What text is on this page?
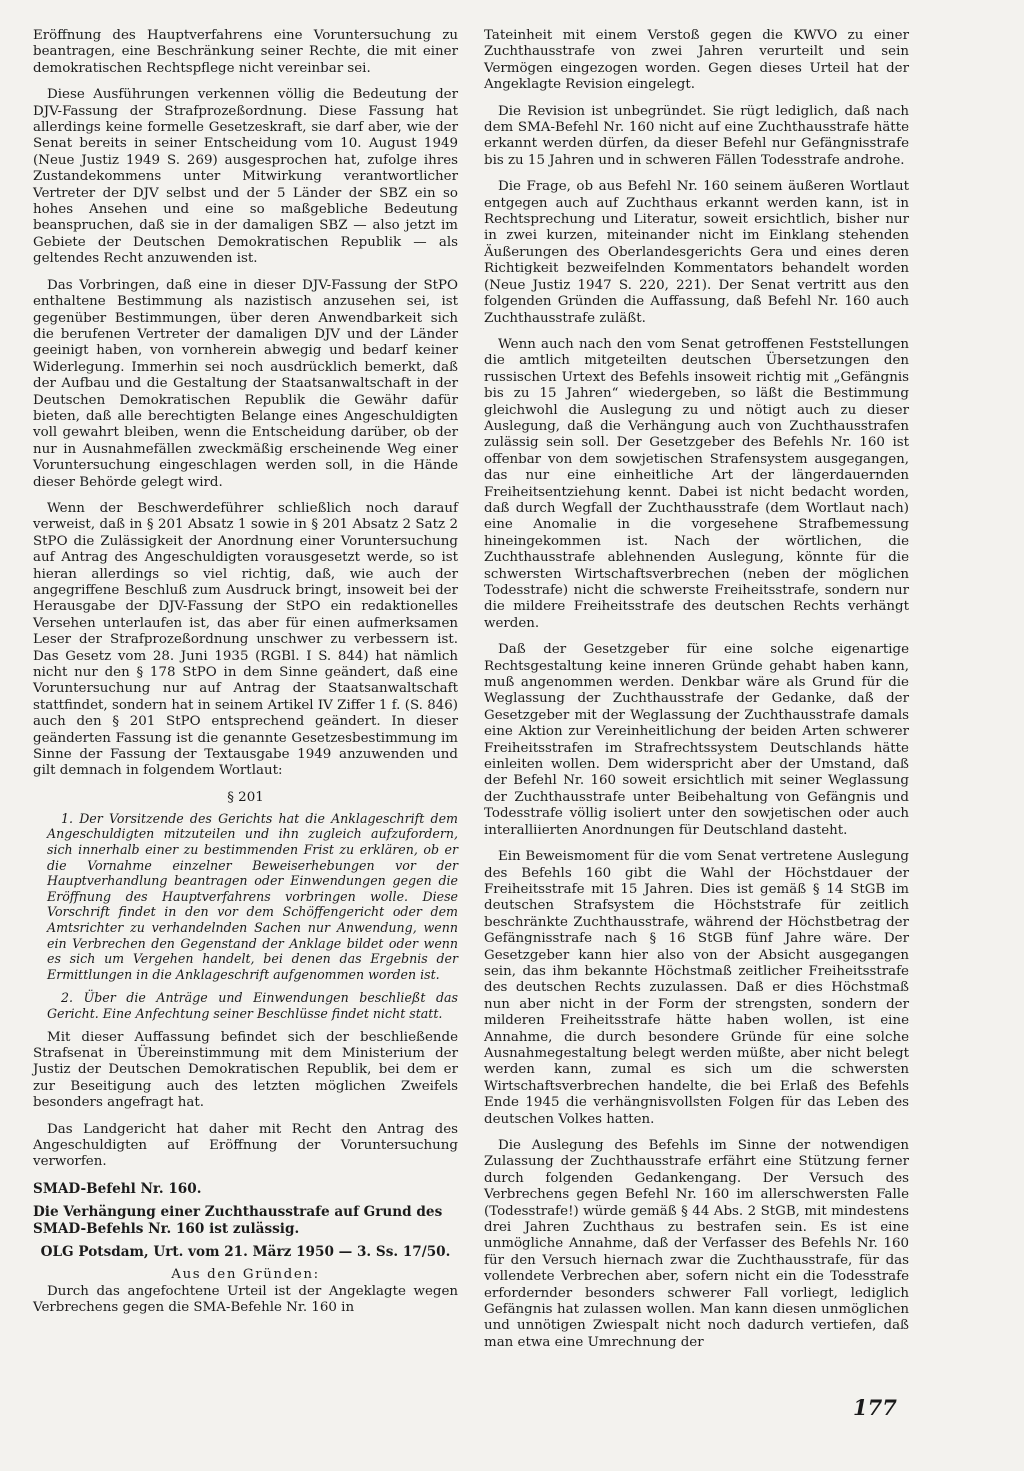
Eröffnung des Hauptverfahrens eine Voruntersuchung zu beantragen, eine Beschränkung seiner Rechte, die mit einer demokratischen Rechtspflege nicht vereinbar sei.

Diese Ausführungen verkennen völlig die Bedeutung der DJV-Fassung der Strafprozeßordnung. Diese Fassung hat allerdings keine formelle Gesetzeskraft, sie darf aber, wie der Senat bereits in seiner Entscheidung vom 10. August 1949 (Neue Justiz 1949 S. 269) ausgesprochen hat, zufolge ihres Zustandekommens unter Mitwirkung verantwortlicher Vertreter der DJV selbst und der 5 Länder der SBZ ein so hohes Ansehen und eine so maßgebliche Bedeutung beanspruchen, daß sie in der damaligen SBZ — also jetzt im Gebiete der Deutschen Demokratischen Republik — als geltendes Recht anzuwenden ist.

Das Vorbringen, daß eine in dieser DJV-Fassung der StPO enthaltene Bestimmung als nazistisch anzusehen sei, ist gegenüber Bestimmungen, über deren Anwendbarkeit sich die berufenen Vertreter der damaligen DJV und der Länder geeinigt haben, von vornherein abwegig und bedarf keiner Widerlegung. Immerhin sei noch ausdrücklich bemerkt, daß der Aufbau und die Gestaltung der Staatsanwaltschaft in der Deutschen Demokratischen Republik die Gewähr dafür bieten, daß alle berechtigten Belange eines Angeschuldigten voll gewahrt bleiben, wenn die Entscheidung darüber, ob der nur in Ausnahmefällen zweckmäßig erscheinende Weg einer Voruntersuchung eingeschlagen werden soll, in die Hände dieser Behörde gelegt wird.

Wenn der Beschwerdeführer schließlich noch darauf verweist, daß in § 201 Absatz 1 sowie in § 201 Absatz 2 Satz 2 StPO die Zulässigkeit der Anordnung einer Voruntersuchung auf Antrag des Angeschuldigten vorausgesetzt werde, so ist hieran allerdings so viel richtig, daß, wie auch der angegriffene Beschluß zum Ausdruck bringt, insoweit bei der Herausgabe der DJV-Fassung der StPO ein redaktionelles Versehen unterlaufen ist, das aber für einen aufmerksamen Leser der Strafprozeßordnung unschwer zu verbessern ist. Das Gesetz vom 28. Juni 1935 (RGBl. I S. 844) hat nämlich nicht nur den § 178 StPO in dem Sinne geändert, daß eine Voruntersuchung nur auf Antrag der Staatsanwaltschaft stattfindet, sondern hat in seinem Artikel IV Ziffer 1 f. (S. 846) auch den § 201 StPO entsprechend geändert. In dieser geänderten Fassung ist die genannte Gesetzesbestimmung im Sinne der Fassung der Textausgabe 1949 anzuwenden und gilt demnach in folgendem Wortlaut:

§ 201

1. Der Vorsitzende des Gerichts hat die Anklageschrift dem Angeschuldigten mitzuteilen und ihn zugleich aufzufordern, sich innerhalb einer zu bestimmenden Frist zu erklären, ob er die Vornahme einzelner Beweiserhebungen vor der Hauptverhandlung beantragen oder Einwendungen gegen die Eröffnung des Hauptverfahrens vorbringen wolle. Diese Vorschrift findet in den vor dem Schöffengericht oder dem Amtsrichter zu verhandelnden Sachen nur Anwendung, wenn ein Verbrechen den Gegenstand der Anklage bildet oder wenn es sich um Vergehen handelt, bei denen das Ergebnis der Ermittlungen in die Anklageschrift aufgenommen worden ist.

2. Über die Anträge und Einwendungen beschließt das Gericht. Eine Anfechtung seiner Beschlüsse findet nicht statt.

Mit dieser Auffassung befindet sich der beschließende Strafsenat in Übereinstimmung mit dem Ministerium der Justiz der Deutschen Demokratischen Republik, bei dem er zur Beseitigung auch des letzten möglichen Zweifels besonders angefragt hat.

Das Landgericht hat daher mit Recht den Antrag des Angeschuldigten auf Eröffnung der Voruntersuchung verworfen.

SMAD-Befehl Nr. 160.
Die Verhängung einer Zuchthausstrafe auf Grund des SMAD-Befehls Nr. 160 ist zulässig.
OLG Potsdam, Urt. vom 21. März 1950 — 3. Ss. 17/50.
Aus den Gründen:

Durch das angefochtene Urteil ist der Angeklagte wegen Verbrechens gegen die SMA-Befehle Nr. 160 in

Tateinheit mit einem Verstoß gegen die KWVO zu einer Zuchthausstrafe von zwei Jahren verurteilt und sein Vermögen eingezogen worden. Gegen dieses Urteil hat der Angeklagte Revision eingelegt.

Die Revision ist unbegründet. Sie rügt lediglich, daß nach dem SMA-Befehl Nr. 160 nicht auf eine Zuchthausstrafe hätte erkannt werden dürfen, da dieser Befehl nur Gefängnisstrafe bis zu 15 Jahren und in schweren Fällen Todesstrafe androhe.

Die Frage, ob aus Befehl Nr. 160 seinem äußeren Wortlaut entgegen auch auf Zuchthaus erkannt werden kann, ist in Rechtsprechung und Literatur, soweit ersichtlich, bisher nur in zwei kurzen, miteinander nicht im Einklang stehenden Äußerungen des Oberlandesgerichts Gera und eines deren Richtigkeit bezweifelnden Kommentators behandelt worden (Neue Justiz 1947 S. 220, 221). Der Senat vertritt aus den folgenden Gründen die Auffassung, daß Befehl Nr. 160 auch Zuchthausstrafe zuläßt.

Wenn auch nach den vom Senat getroffenen Feststellungen die amtlich mitgeteilten deutschen Übersetzungen den russischen Urtext des Befehls insoweit richtig mit „Gefängnis bis zu 15 Jahren“ wiedergeben, so läßt die Bestimmung gleichwohl die Auslegung zu und nötigt auch zu dieser Auslegung, daß die Verhängung auch von Zuchthausstrafen zulässig sein soll. Der Gesetzgeber des Befehls Nr. 160 ist offenbar von dem sowjetischen Strafensystem ausgegangen, das nur eine einheitliche Art der längerdauernden Freiheitsentziehung kennt. Dabei ist nicht bedacht worden, daß durch Wegfall der Zuchthausstrafe (dem Wortlaut nach) eine Anomalie in die vorgesehene Strafbemessung hineingekommen ist. Nach der wörtlichen, die Zuchthausstrafe ablehnenden Auslegung, könnte für die schwersten Wirtschaftsverbrechen (neben der möglichen Todesstrafe) nicht die schwerste Freiheitsstrafe, sondern nur die mildere Freiheitsstrafe des deutschen Rechts verhängt werden.

Daß der Gesetzgeber für eine solche eigenartige Rechtsgestaltung keine inneren Gründe gehabt haben kann, muß angenommen werden. Denkbar wäre als Grund für die Weglassung der Zuchthausstrafe der Gedanke, daß der Gesetzgeber mit der Weglassung der Zuchthausstrafe damals eine Aktion zur Vereinheitlichung der beiden Arten schwerer Freiheitsstrafen im Strafrechtssystem Deutschlands hätte einleiten wollen. Dem widerspricht aber der Umstand, daß der Befehl Nr. 160 soweit ersichtlich mit seiner Weglassung der Zuchthausstrafe unter Beibehaltung von Gefängnis und Todesstrafe völlig isoliert unter den sowjetischen oder auch interalliierten Anordnungen für Deutschland dasteht.

Ein Beweismoment für die vom Senat vertretene Auslegung des Befehls 160 gibt die Wahl der Höchstdauer der Freiheitsstrafe mit 15 Jahren. Dies ist gemäß § 14 StGB im deutschen Strafsystem die Höchststrafe für zeitlich beschränkte Zuchthausstrafe, während der Höchstbetrag der Gefängnisstrafe nach § 16 StGB fünf Jahre wäre. Der Gesetzgeber kann hier also von der Absicht ausgegangen sein, das ihm bekannte Höchstmaß zeitlicher Freiheitsstrafe des deutschen Rechts zuzulassen. Daß er dies Höchstmaß nun aber nicht in der Form der strengsten, sondern der milderen Freiheitsstrafe hätte haben wollen, ist eine Annahme, die durch besondere Gründe für eine solche Ausnahmegestaltung belegt werden müßte, aber nicht belegt werden kann, zumal es sich um die schwersten Wirtschaftsverbrechen handelte, die bei Erlaß des Befehls Ende 1945 die verhängnisvollsten Folgen für das Leben des deutschen Volkes hatten.

Die Auslegung des Befehls im Sinne der notwendigen Zulassung der Zuchthausstrafe erfährt eine Stützung ferner durch folgenden Gedankengang. Der Versuch des Verbrechens gegen Befehl Nr. 160 im allerschwersten Falle (Todesstrafe!) würde gemäß § 44 Abs. 2 StGB, mit mindestens drei Jahren Zuchthaus zu bestrafen sein. Es ist eine unmögliche Annahme, daß der Verfasser des Befehls Nr. 160 für den Versuch hiernach zwar die Zuchthausstrafe, für das vollendete Verbrechen aber, sofern nicht ein die Todesstrafe erfordernder besonders schwerer Fall vorliegt, lediglich Gefängnis hat zulassen wollen. Man kann diesen unmöglichen und unnötigen Zwiespalt nicht noch dadurch vertiefen, daß man etwa eine Umrechnung der

177
